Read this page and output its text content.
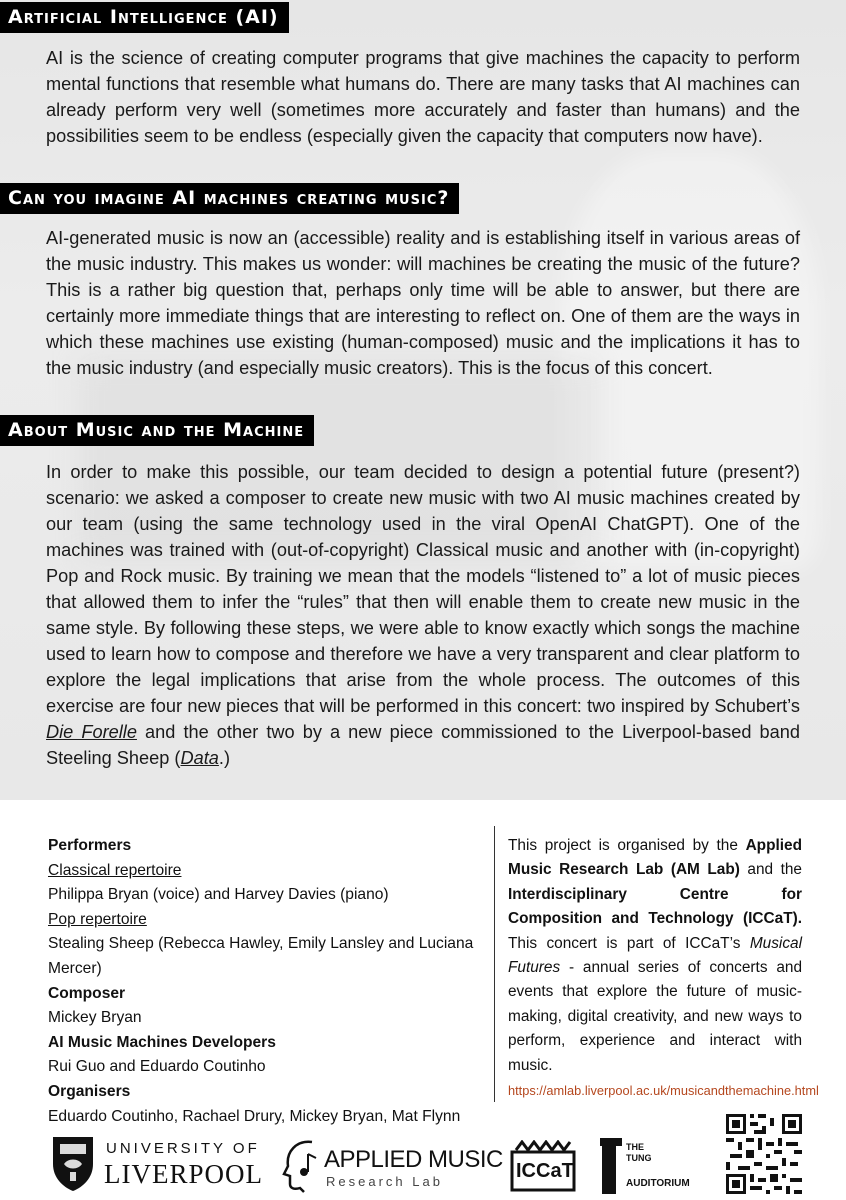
Artificial Intelligence (AI)
AI is the science of creating computer programs that give machines the capacity to perform mental functions that resemble what humans do. There are many tasks that AI machines can already perform very well (sometimes more accurately and faster than humans) and the possibilities seem to be endless (especially given the capacity that computers now have).
Can you imagine AI machines creating music?
AI-generated music is now an (accessible) reality and is establishing itself in various areas of the music industry. This makes us wonder: will machines be creating the music of the future? This is a rather big question that, perhaps only time will be able to answer, but there are certainly more immediate things that are interesting to reflect on. One of them are the ways in which these machines use existing (human-composed) music and the implications it has to the music industry (and especially music creators). This is the focus of this concert.
About Music and the Machine
In order to make this possible, our team decided to design a potential future (present?) scenario: we asked a composer to create new music with two AI music machines created by our team (using the same technology used in the viral OpenAI ChatGPT). One of the machines was trained with (out-of-copyright) Classical music and another with (in-copyright) Pop and Rock music. By training we mean that the models “listened to” a lot of music pieces that allowed them to infer the “rules” that then will enable them to create new music in the same style. By following these steps, we were able to know exactly which songs the machine used to learn how to compose and therefore we have a very transparent and clear platform to explore the legal implications that arise from the whole process. The outcomes of this exercise are four new pieces that will be performed in this concert: two inspired by Schubert’s Die Forelle and the other two by a new piece commissioned to the Liverpool-based band Steeling Sheep (Data.)
Performers
Classical repertoire
Philippa Bryan (voice) and Harvey Davies (piano)
Pop repertoire
Stealing Sheep (Rebecca Hawley, Emily Lansley and Luciana Mercer)
Composer
Mickey Bryan
AI Music Machines Developers
Rui Guo and Eduardo Coutinho
Organisers
Eduardo Coutinho, Rachael Drury, Mickey Bryan, Mat Flynn
This project is organised by the Applied Music Research Lab (AM Lab) and the Interdisciplinary Centre for Composition and Technology (ICCaT). This concert is part of ICCaT’s Musical Futures - annual series of concerts and events that explore the future of music-making, digital creativity, and new ways to perform, experience and interact with music.
https://amlab.liverpool.ac.uk/musicandthemachine.html
UNIVERSITY OF
LIVERPOOL	APPLIED MUSIC
Research Lab	ICCaT
THE
TUNG
AUDITORIUM
